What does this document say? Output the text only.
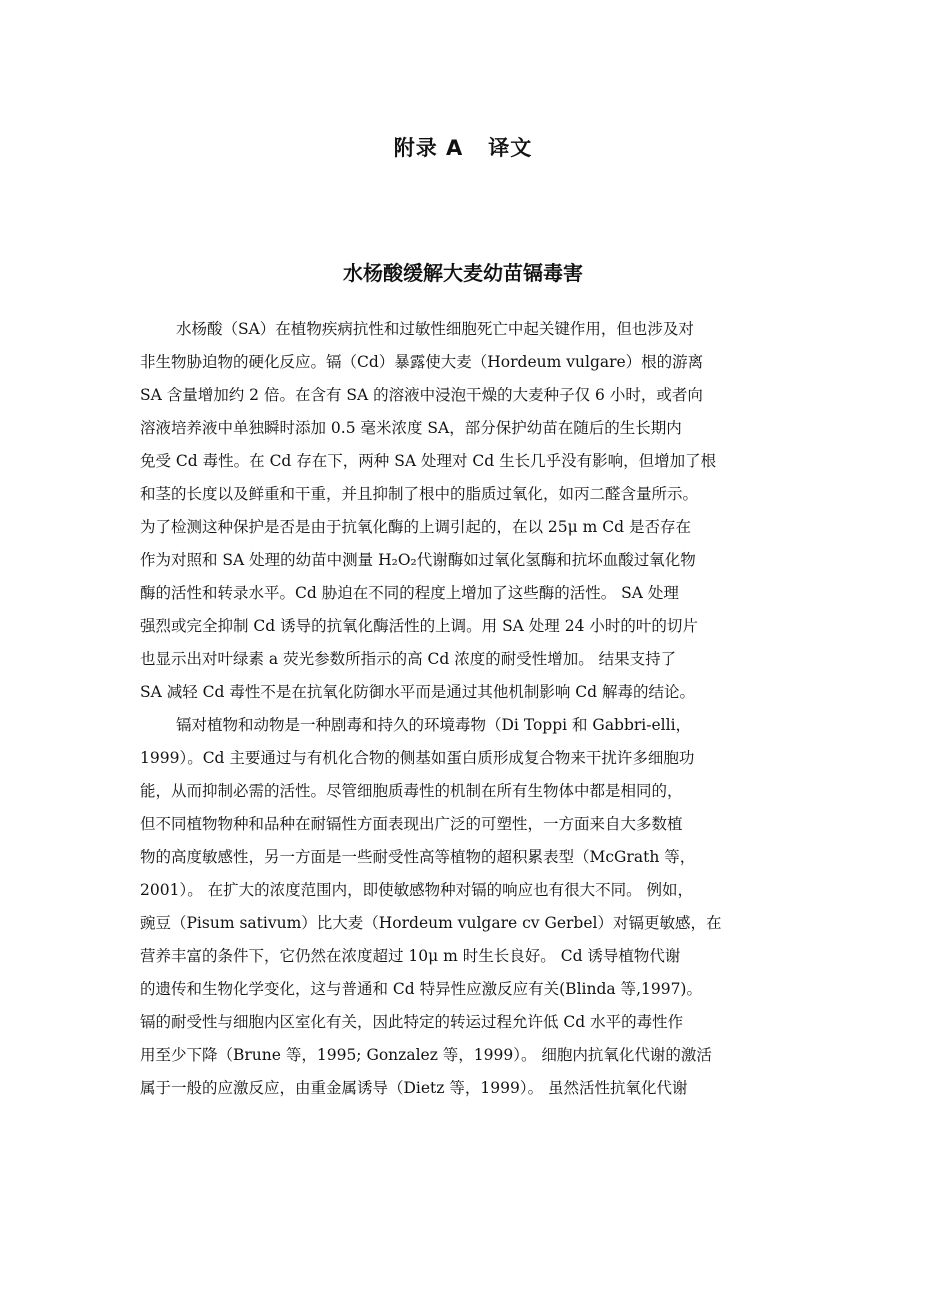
附录 A   译文
水杨酸缓解大麦幼苗镉毒害
水杨酸（SA）在植物疾病抗性和过敏性细胞死亡中起关键作用，但也涉及对
非生物胁迫物的硬化反应。镉（Cd）暴露使大麦（Hordeum vulgare）根的游离
SA 含量增加约 2 倍。在含有 SA 的溶液中浸泡干燥的大麦种子仅 6 小时，或者向
溶液培养液中单独瞬时添加 0.5 毫米浓度 SA，部分保护幼苗在随后的生长期内
免受 Cd 毒性。在 Cd 存在下，两种 SA 处理对 Cd 生长几乎没有影响，但增加了根
和茎的长度以及鲜重和干重，并且抑制了根中的脂质过氧化，如丙二醛含量所示。
为了检测这种保护是否是由于抗氧化酶的上调引起的，在以 25μ m Cd 是否存在
作为对照和 SA 处理的幼苗中测量 H₂O₂代谢酶如过氧化氢酶和抗坏血酸过氧化物
酶的活性和转录水平。Cd 胁迫在不同的程度上增加了这些酶的活性。 SA 处理
强烈或完全抑制 Cd 诱导的抗氧化酶活性的上调。用 SA 处理 24 小时的叶的切片
也显示出对叶绿素 a 荧光参数所指示的高 Cd 浓度的耐受性增加。 结果支持了
SA 减轻 Cd 毒性不是在抗氧化防御水平而是通过其他机制影响 Cd 解毒的结论。
镉对植物和动物是一种剧毒和持久的环境毒物（Di Toppi 和 Gabbri-elli，
1999）。Cd 主要通过与有机化合物的侧基如蛋白质形成复合物来干扰许多细胞功
能，从而抑制必需的活性。尽管细胞质毒性的机制在所有生物体中都是相同的，
但不同植物物种和品种在耐镉性方面表现出广泛的可塑性，一方面来自大多数植
物的高度敏感性，另一方面是一些耐受性高等植物的超积累表型（McGrath 等，
2001）。 在扩大的浓度范围内，即使敏感物种对镉的响应也有很大不同。 例如，
豌豆（Pisum sativum）比大麦（Hordeum vulgare cv Gerbel）对镉更敏感，在
营养丰富的条件下，它仍然在浓度超过 10μ m 时生长良好。 Cd 诱导植物代谢
的遗传和生物化学变化，这与普通和 Cd 特异性应激反应有关(Blinda 等,1997)。
镉的耐受性与细胞内区室化有关，因此特定的转运过程允许低 Cd 水平的毒性作
用至少下降（Brune 等，1995; Gonzalez 等，1999）。 细胞内抗氧化代谢的激活
属于一般的应激反应，由重金属诱导（Dietz 等，1999）。 虽然活性抗氧化代谢
